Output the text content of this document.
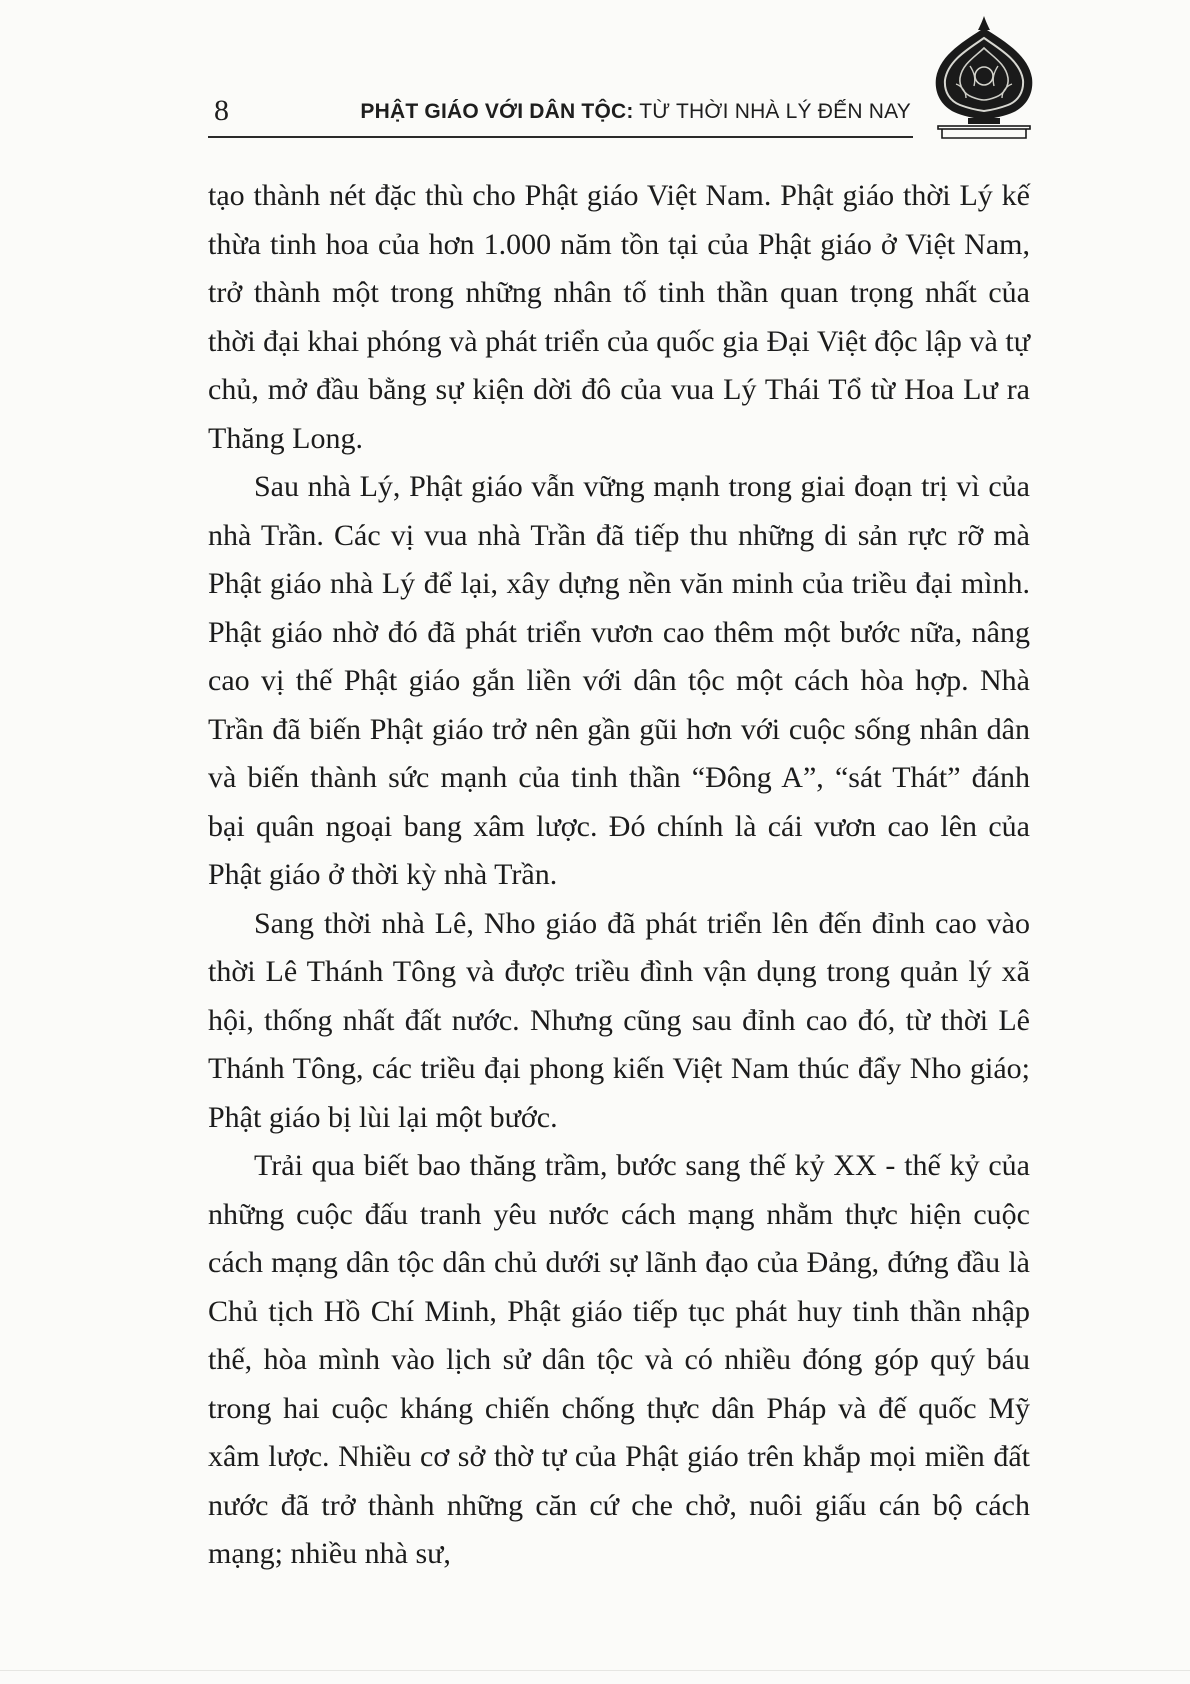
8	PHẬT GIÁO VỚI DÂN TỘC: TỪ THỜI NHÀ LÝ ĐẾN NAY

tạo thành nét đặc thù cho Phật giáo Việt Nam. Phật giáo thời Lý kế thừa tinh hoa của hơn 1.000 năm tồn tại của Phật giáo ở Việt Nam, trở thành một trong những nhân tố tinh thần quan trọng nhất của thời đại khai phóng và phát triển của quốc gia Đại Việt độc lập và tự chủ, mở đầu bằng sự kiện dời đô của vua Lý Thái Tổ từ Hoa Lư ra Thăng Long.

Sau nhà Lý, Phật giáo vẫn vững mạnh trong giai đoạn trị vì của nhà Trần. Các vị vua nhà Trần đã tiếp thu những di sản rực rỡ mà Phật giáo nhà Lý để lại, xây dựng nền văn minh của triều đại mình. Phật giáo nhờ đó đã phát triển vươn cao thêm một bước nữa, nâng cao vị thế Phật giáo gắn liền với dân tộc một cách hòa hợp. Nhà Trần đã biến Phật giáo trở nên gần gũi hơn với cuộc sống nhân dân và biến thành sức mạnh của tinh thần “Đông A”, “sát Thát” đánh bại quân ngoại bang xâm lược. Đó chính là cái vươn cao lên của Phật giáo ở thời kỳ nhà Trần.

Sang thời nhà Lê, Nho giáo đã phát triển lên đến đỉnh cao vào thời Lê Thánh Tông và được triều đình vận dụng trong quản lý xã hội, thống nhất đất nước. Nhưng cũng sau đỉnh cao đó, từ thời Lê Thánh Tông, các triều đại phong kiến Việt Nam thúc đẩy Nho giáo; Phật giáo bị lùi lại một bước.

Trải qua biết bao thăng trầm, bước sang thế kỷ XX - thế kỷ của những cuộc đấu tranh yêu nước cách mạng nhằm thực hiện cuộc cách mạng dân tộc dân chủ dưới sự lãnh đạo của Đảng, đứng đầu là Chủ tịch Hồ Chí Minh, Phật giáo tiếp tục phát huy tinh thần nhập thế, hòa mình vào lịch sử dân tộc và có nhiều đóng góp quý báu trong hai cuộc kháng chiến chống thực dân Pháp và đế quốc Mỹ xâm lược. Nhiều cơ sở thờ tự của Phật giáo trên khắp mọi miền đất nước đã trở thành những căn cứ che chở, nuôi giấu cán bộ cách mạng; nhiều nhà sư,
